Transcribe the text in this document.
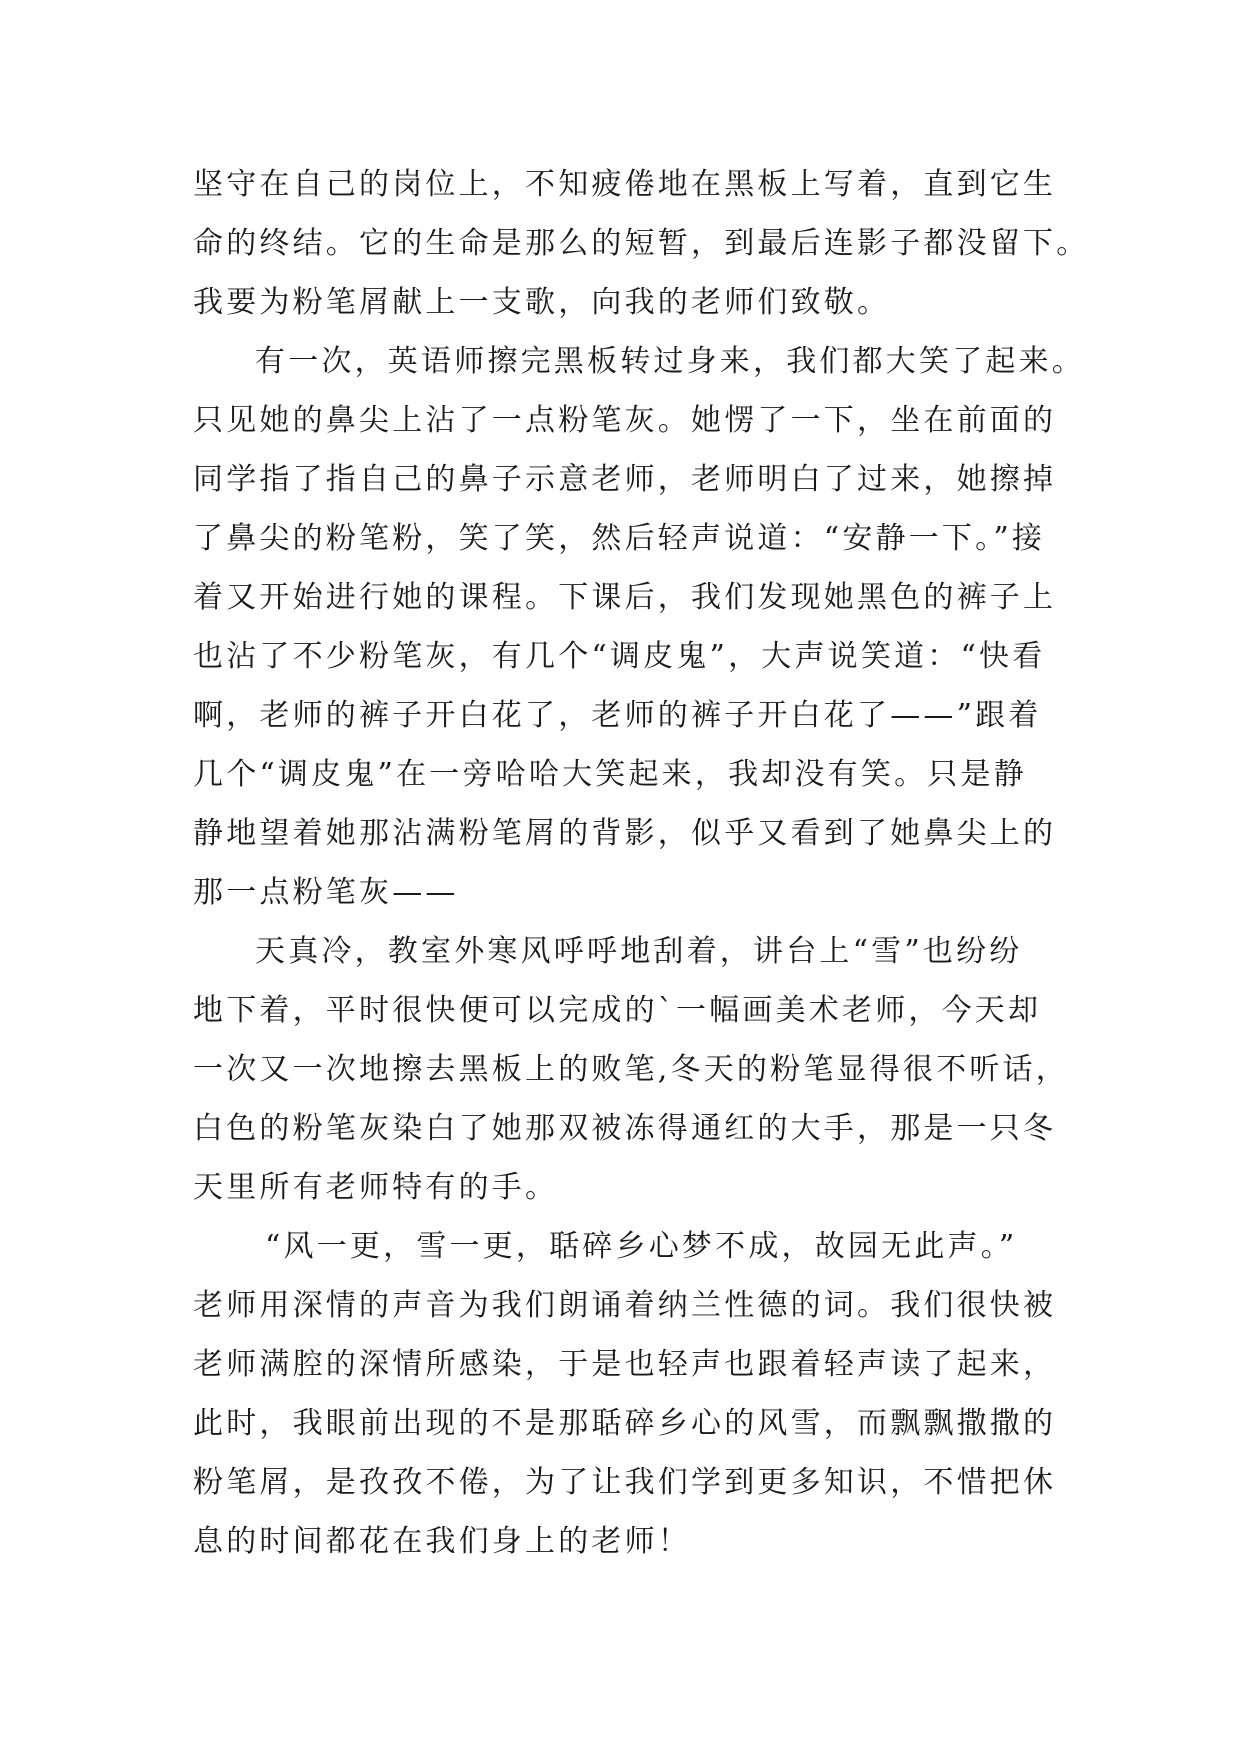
坚守在自己的岗位上，不知疲倦地在黑板上写着，直到它生
命的终结。它的生命是那么的短暂，到最后连影子都没留下。
我要为粉笔屑献上一支歌，向我的老师们致敬。
有一次，英语师擦完黑板转过身来，我们都大笑了起来。
只见她的鼻尖上沾了一点粉笔灰。她愣了一下，坐在前面的
同学指了指自己的鼻子示意老师，老师明白了过来，她擦掉
了鼻尖的粉笔粉，笑了笑，然后轻声说道：“安静一下。”接
着又开始进行她的课程。下课后，我们发现她黑色的裤子上
也沾了不少粉笔灰，有几个“调皮鬼”，大声说笑道：“快看
啊，老师的裤子开白花了，老师的裤子开白花了——”跟着
几个“调皮鬼”在一旁哈哈大笑起来，我却没有笑。只是静
静地望着她那沾满粉笔屑的背影，似乎又看到了她鼻尖上的
那一点粉笔灰——
天真冷，教室外寒风呼呼地刮着，讲台上“雪”也纷纷
地下着，平时很快便可以完成的`一幅画美术老师，今天却
一次又一次地擦去黑板上的败笔,冬天的粉笔显得很不听话，
白色的粉笔灰染白了她那双被冻得通红的大手，那是一只冬
天里所有老师特有的手。
“风一更，雪一更，聒碎乡心梦不成，故园无此声。”
老师用深情的声音为我们朗诵着纳兰性德的词。我们很快被
老师满腔的深情所感染，于是也轻声也跟着轻声读了起来，
此时，我眼前出现的不是那聒碎乡心的风雪，而飘飘撒撒的
粉笔屑，是孜孜不倦，为了让我们学到更多知识，不惜把休
息的时间都花在我们身上的老师！
